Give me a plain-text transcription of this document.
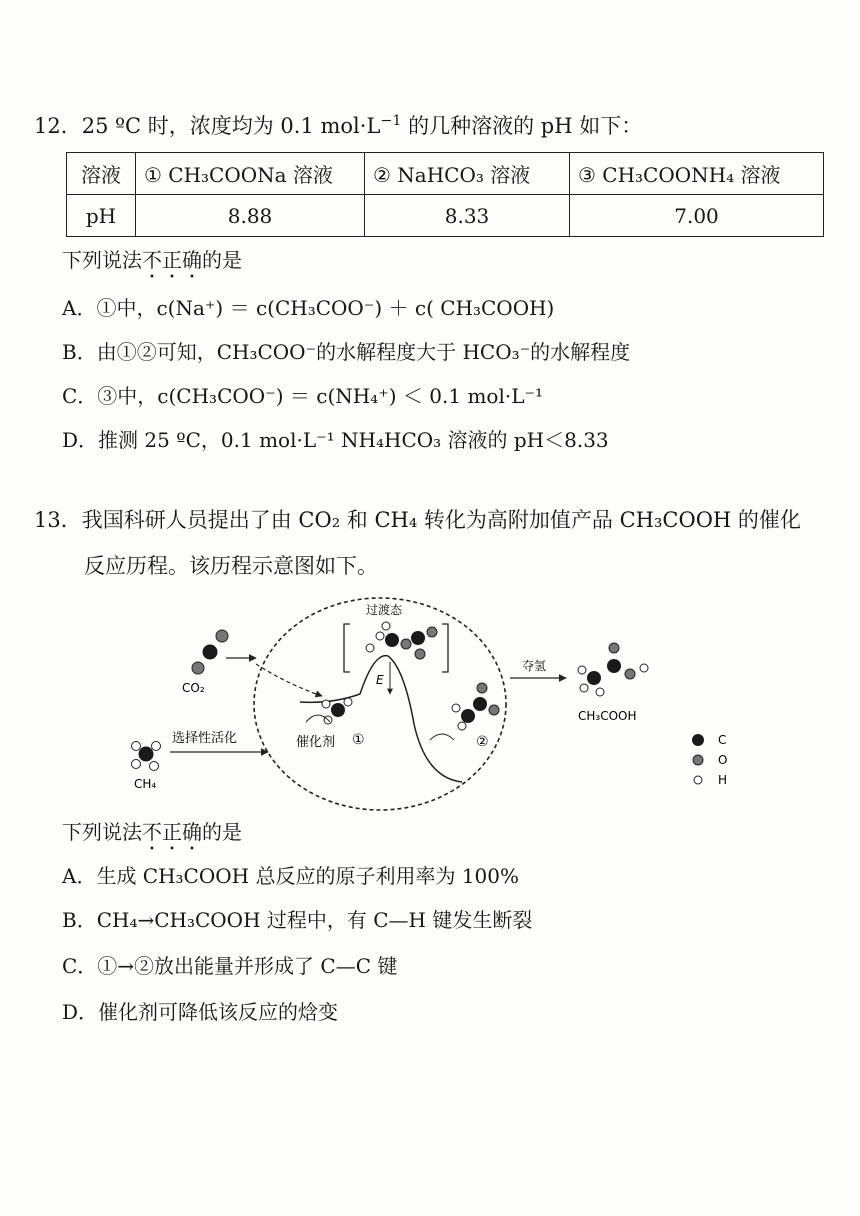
12．25 ºC 时，浓度均为 0.1 $mol\cdot L^{-1}$ 的几种溶液的 pH 如下：
溶液	① CH₃COONa 溶液	② NaHCO₃ 溶液	③ CH₃COONH₄ 溶液
pH	8.88	8.33	7.00
下列说法不正确的是
A．①中，c(Na⁺) ＝ c(CH₃COO⁻) ＋ c( CH₃COOH)
B．由①②可知，CH₃COO⁻的水解程度大于 HCO₃⁻的水解程度
C．③中，c(CH₃COO⁻) ＝ c(NH₄⁺) ＜ 0.1 mol·L⁻¹
D．推测 25 ºC，0.1 mol·L⁻¹ NH₄HCO₃ 溶液的 pH＜8.33
13．我国科研人员提出了由 CO₂ 和 CH₄ 转化为高附加值产品 CH₃COOH 的催化
反应历程。该历程示意图如下。
CO₂
CH₄
选择性活化
E
过渡态
催化剂 ①	②
夺氢
CH₃COOH
C
O
H
下列说法不正确的是
A．生成 CH₃COOH 总反应的原子利用率为 100%
B．CH₄→CH₃COOH 过程中，有 C—H 键发生断裂
C．①→②放出能量并形成了 C—C 键
D．催化剂可降低该反应的焓变
